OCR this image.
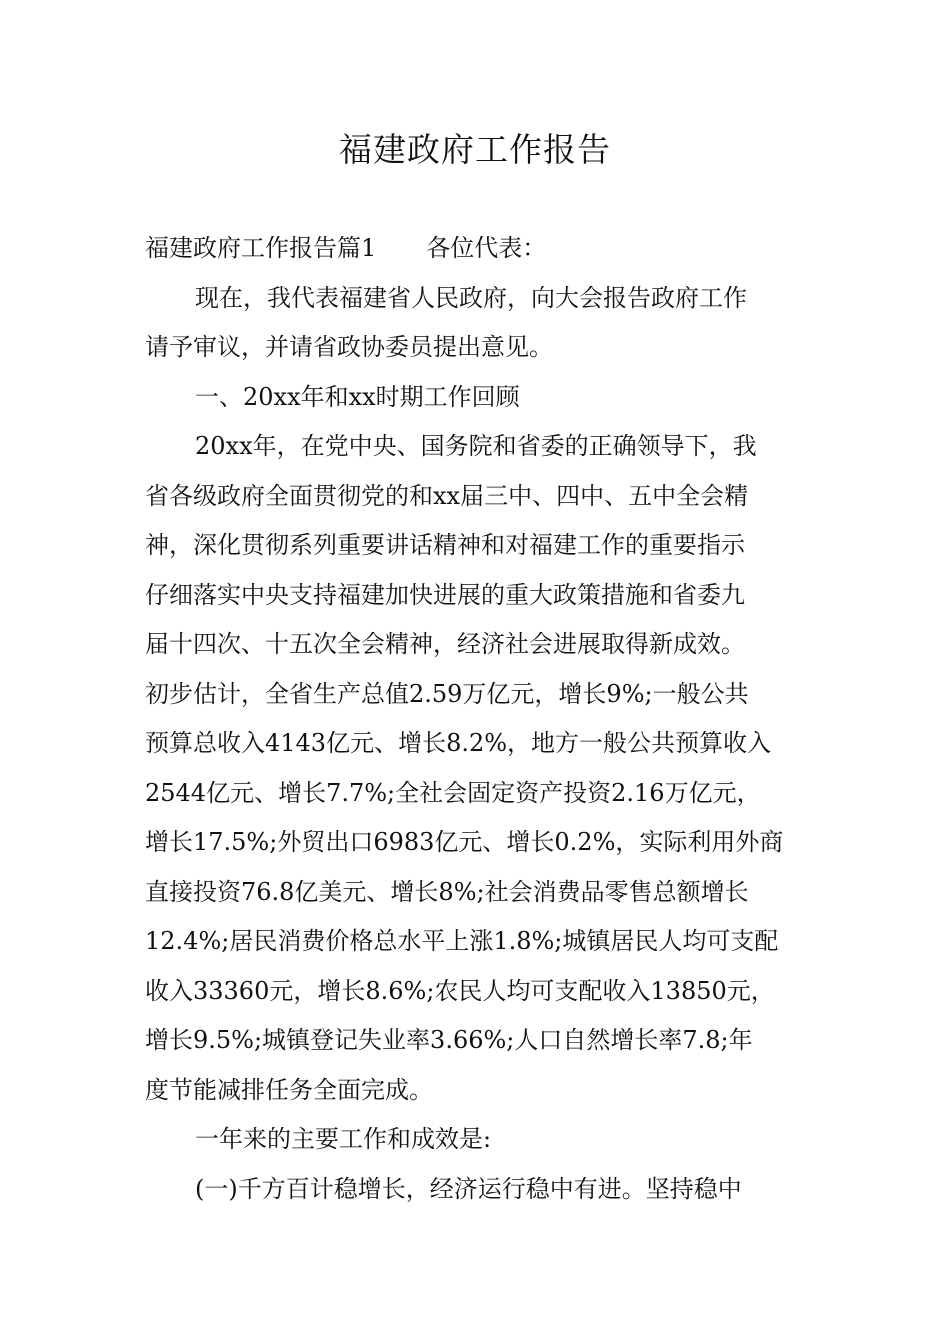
福建政府工作报告
福建政府工作报告篇1 各位代表：
现在，我代表福建省人民政府，向大会报告政府工作
请予审议，并请省政协委员提出意见。
一、20xx年和xx时期工作回顾
20xx年，在党中央、国务院和省委的正确领导下，我
省各级政府全面贯彻党的和xx届三中、四中、五中全会精
神，深化贯彻系列重要讲话精神和对福建工作的重要指示
仔细落实中央支持福建加快进展的重大政策措施和省委九
届十四次、十五次全会精神，经济社会进展取得新成效。
初步估计，全省生产总值2.59万亿元，增长9%;一般公共
预算总收入4143亿元、增长8.2%，地方一般公共预算收入
2544亿元、增长7.7%;全社会固定资产投资2.16万亿元，
增长17.5%;外贸出口6983亿元、增长0.2%，实际利用外商
直接投资76.8亿美元、增长8%;社会消费品零售总额增长
12.4%;居民消费价格总水平上涨1.8%;城镇居民人均可支配
收入33360元，增长8.6%;农民人均可支配收入13850元，
增长9.5%;城镇登记失业率3.66%;人口自然增长率7.8;年
度节能减排任务全面完成。
一年来的主要工作和成效是:
(一)千方百计稳增长，经济运行稳中有进。坚持稳中
